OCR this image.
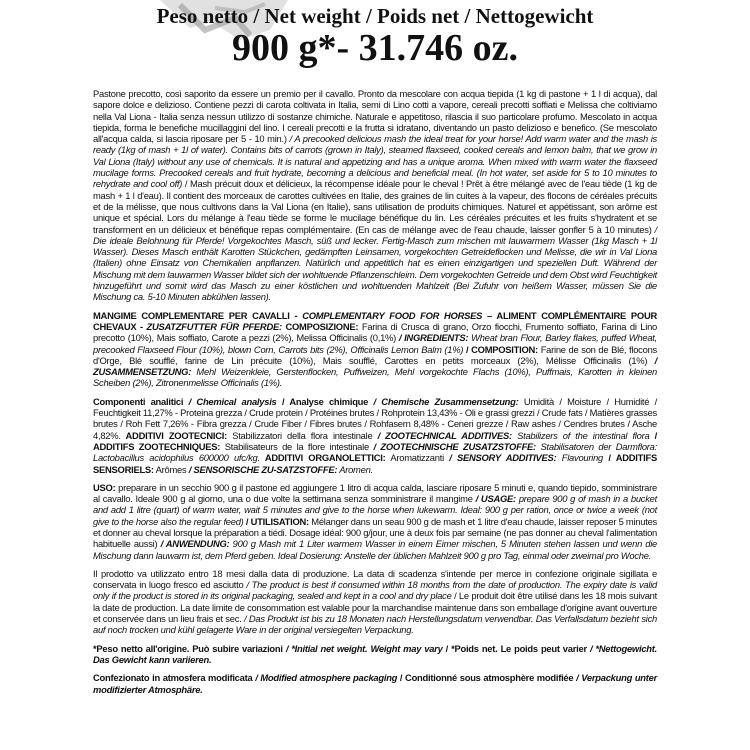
Peso netto / Net weight / Poids net / Nettogewicht
900 g*- 31.746 oz.

Pastone precotto, così saporito da essere un premio per il cavallo. Pronto da mescolare con acqua tiepida (1 kg di pastone + 1 l di acqua), dal sapore dolce e delizioso. Contiene pezzi di carota coltivata in Italia, semi di Lino cotti a vapore, cereali precotti soffiati e Melissa che coltiviamo nella Val Liona - Italia senza nessun utilizzo di sostanze chimiche. Naturale e appetitoso, rilascia il suo particolare profumo. Mescolato in acqua tiepida, forma le benefiche mucillaggini del lino. I cereali precotti e la frutta si idratano, diventando un pasto delizioso e benefico. (Se mescolato all'acqua calda, si lascia riposare per 5 - 10 min.) / A precooked delicious mash the ideal treat for your horse! Add warm water and the mash is ready (1kg of mash + 1l of water). Contains bits of carrots (grown in Italy), steamed flaxseed, cooked cereals and lemon balm, that we grow in Val Liona (Italy) without any use of chemicals. It is natural and appetizing and has a unique aroma. When mixed with warm water the flaxseed mucilage forms. Precooked cereals and fruit hydrate, becoming a delicious and beneficial meal. (In hot water, set aside for 5 to 10 minutes to rehydrate and cool off) / Mash précuit doux et délicieux, la récompense idéale pour le cheval ! Prêt à être mélangé avec de l'eau tiède (1 kg de mash + 1 l d'eau). Il contient des morceaux de carottes cultivées en Italie, des graines de lin cuites à la vapeur, des flocons de céréales précuits et de la mélisse, que nous cultivons dans la Val Liona (en Italie), sans utilisation de produits chimiques. Naturel et appétissant, son arôme est unique et spécial. Lors du mélange à l'eau tiède se forme le mucilage bénéfique du lin. Les céréales précuites et les fruits s'hydratent et se transforment en un délicieux et bénéfique repas complémentaire. (En cas de mélange avec de l'eau chaude, laisser gonfler 5 à 10 minutes) / Die ideale Belohnung für Pferde! Vorgekochtes Masch, süß und lecker. Fertig-Masch zum mischen mit lauwarmem Wasser (1kg Masch + 1l Wasser). Dieses Masch enthält Karotten Stückchen, gedämpften Leinsamen, vorgekochten Getreideflocken und Melisse, die wir in Val Liona (Italien) ohne Einsatz von Chemikalien anpflanzen. Natürlich und appetitlich hat es einen einzigartigen und speziellen Duft. Während der Mischung mit dem lauwarmen Wasser bildet sich der wohltuende Pflanzenschleim. Dem vorgekochten Getreide und dem Obst wird Feuchtigkeit hinzugeführt und somit wird das Masch zu einer köstlichen und wohltuenden Mahlzeit (Bei Zufuhr von heißem Wasser, müssen Sie die Mischung ca. 5-10 Minuten abkühlen lassen).

MANGIME COMPLEMENTARE PER CAVALLI - COMPLEMENTARY FOOD FOR HORSES – ALIMENT COMPLÉMENTAIRE POUR CHEVAUX - ZUSATZFUTTER FÜR PFERDE: COMPOSIZIONE: Farina di Crusca di grano, Orzo fiocchi, Frumento soffiato, Farina di Lino precotto (10%), Mais soffiato, Carote a pezzi (2%), Melissa Officinalis (0,1%) / INGREDIENTS: Wheat bran Flour, Barley flakes, puffed Wheat, precooked Flaxseed Flour (10%), blown Corn, Carrots bits (2%), Officinalis Lemon Balm (1%) / COMPOSITION: Farine de son de Blé, flocons d'Orge, Blé soufflé, farine de Lin précuite (10%), Mais soufflé, Carottes en petits morceaux (2%), Mélisse Officinalis (1%) / ZUSAMMENSETZUNG: Mehl Weizenkleie, Gerstenflocken, Puffweizen, Mehl vorgekochte Flachs (10%), Puffmais, Karotten in kleinen Scheiben (2%), Zitronenmelisse Officinalis (1%).

Componenti analitici / Chemical analysis / Analyse chimique / Chemische Zusammensetzung: Umidità / Moisture / Humidité / Feuchtigkeit 11,27% - Proteina grezza / Crude protein / Protéines brutes / Rohprotein 13,43% - Oli e grassi grezzi / Crude fats / Matières grasses brutes / Roh Fett 7,26% - Fibra grezza / Crude Fiber / Fibres brutes / Rohfasern 8,48% - Ceneri grezze / Raw ashes / Cendres brutes / Asche 4,82%. ADDITIVI ZOOTECNICI: Stabilizzatori della flora intestinale / ZOOTECHNICAL ADDITIVES: Stabilizers of the intestinal flora / ADDITIFS ZOOTECHNIQUES: Stabilisateurs de la flore intestinale / ZOOTECHNISCHE ZUSATZSTOFFE: Stabilisatoren der Darmflora: Lactobacillus acidophilus 600000 ufc/kg. ADDITIVI ORGANOLETTICI: Aromatizzanti / SENSORY ADDITIVES: Flavouring / ADDITIFS SENSORIELS: Arômes / SENSORISCHE ZU-SATZSTOFFE: Aromen.

USO: preparare in un secchio 900 g il pastone ed aggiungere 1 litro di acqua calda, lasciare riposare 5 minuti e, quando tiepido, somministrare al cavallo. Ideale 900 g al giorno, una o due volte la settimana senza somministrare il mangime / USAGE: prepare 900 g of mash in a bucket and add 1 litre (quart) of warm water, wait 5 minutes and give to the horse when lukewarm. Ideal: 900 g per ration, once or twice a week (not give to the horse also the regular feed) / UTILISATION: Mélanger dans un seau 900 g de mash et 1 litre d'eau chaude, laisser reposer 5 minutes et donner au cheval lorsque la préparation a tiédi. Dosage idéal: 900 g/jour, une à deux fois par semaine (ne pas donner au cheval l'alimentation habituelle aussi) / ANWENDUNG: 900 g Mash mit 1 Liter warmem Wasser in einem Eimer mischen, 5 Minuten stehen lassen und wenn die Mischung dann lauwarm ist, dem Pferd geben. Ideal Dosierung: Anstelle der üblichen Mahlzeit 900 g pro Tag, einmal oder zweimal pro Woche.

Il prodotto va utilizzato entro 18 mesi dalla data di produzione. La data di scadenza s'intende per merce in confezione originale sigillata e conservata in luogo fresco ed asciutto / The product is best if consumed within 18 months from the date of production. The expiry date is valid only if the product is stored in its original packaging, sealed and kept in a cool and dry place / Le produit doit être utilisé dans les 18 mois suivant la date de production. La date limite de consommation est valable pour la marchandise maintenue dans son emballage d'origine avant ouverture et conservée dans un lieu frais et sec. / Das Produkt ist bis zu 18 Monaten nach Herstellungsdatum verwendbar. Das Verfallsdatum bezieht sich auf noch trocken und kühl gelagerte Ware in der original versiegelten Verpackung.

*Peso netto all'origine. Può subire variazioni / *Initial net weight. Weight may vary / *Poids net. Le poids peut varier / *Nettogewicht. Das Gewicht kann variieren.

Confezionato in atmosfera modificata / Modified atmosphere packaging / Conditionné sous atmosphère modifiée / Verpackung unter modifizierter Atmosphäre.
